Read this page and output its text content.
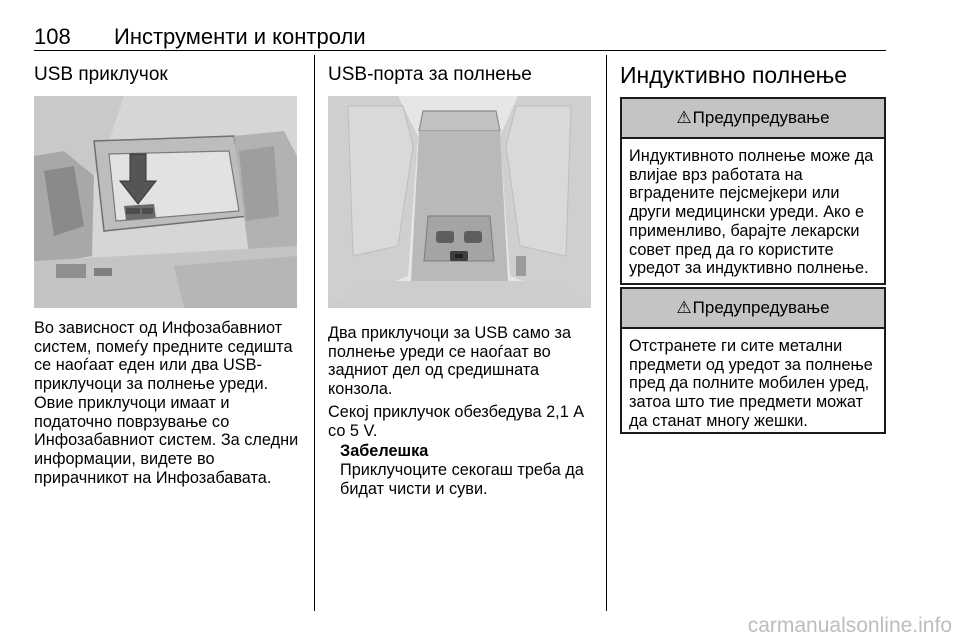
108 Инструменти и контроли
USB приклучок
Во зависност од Инфозабавниот
систем, помеѓу предните седишта
се наоѓаат еден или два USB-
приклучоци за полнење уреди.
Овие приклучоци имаат и
податочно поврзување со
Инфозабавниот систем. За следни
информации, видете во
прирачникот на Инфозабавата.
USB-порта за полнење
Два приклучоци за USB само за
полнење уреди се наоѓаат во
задниот дел од средишната
конзола.
Секој приклучок обезбедува 2,1 А
со 5 V.
Забелешка
Приклучоците секогаш треба да
бидат чисти и суви.
Индуктивно полнење
⚠ Предупредување
Индуктивното полнење може да
влијае врз работата на
вградените пејсмејкери или
други медицински уреди. Ако е
применливо, барајте лекарски
совет пред да го користите
уредот за индуктивно полнење.
⚠ Предупредување
Отстранете ги сите метални
предмети од уредот за полнење
пред да полните мобилен уред,
затоа што тие предмети можат
да станат многу жешки.
carmanualsonline.info
